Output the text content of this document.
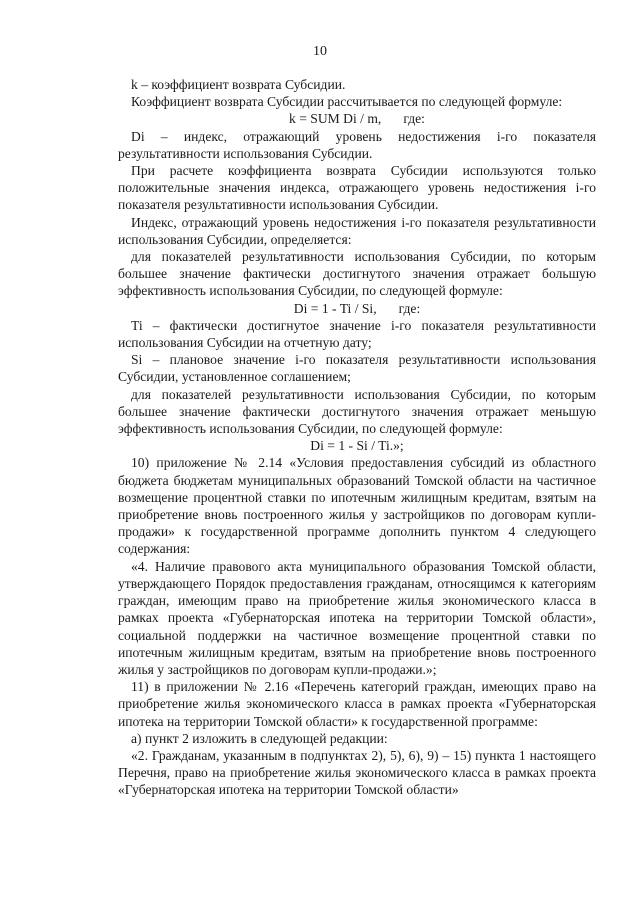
10

k – коэффициент возврата Субсидии.

Коэффициент возврата Субсидии рассчитывается по следующей формуле:

k = SUM Di / m, где:

Di – индекс, отражающий уровень недостижения i-го показателя результативности использования Субсидии.

При расчете коэффициента возврата Субсидии используются только положительные значения индекса, отражающего уровень недостижения i-го показателя результативности использования Субсидии.

Индекс, отражающий уровень недостижения i-го показателя результативности использования Субсидии, определяется:

для показателей результативности использования Субсидии, по которым большее значение фактически достигнутого значения отражает большую эффективность использования Субсидии, по следующей формуле:

Di = 1 - Ti / Si, где:

Ti – фактически достигнутое значение i-го показателя результативности использования Субсидии на отчетную дату;

Si – плановое значение i-го показателя результативности использования Субсидии, установленное соглашением;

для показателей результативности использования Субсидии, по которым большее значение фактически достигнутого значения отражает меньшую эффективность использования Субсидии, по следующей формуле:

Di = 1 - Si / Ti.»;

10) приложение № 2.14 «Условия предоставления субсидий из областного бюджета бюджетам муниципальных образований Томской области на частичное возмещение процентной ставки по ипотечным жилищным кредитам, взятым на приобретение вновь построенного жилья у застройщиков по договорам купли-продажи» к государственной программе дополнить пунктом 4 следующего содержания:

«4. Наличие правового акта муниципального образования Томской области, утверждающего Порядок предоставления гражданам, относящимся к категориям граждан, имеющим право на приобретение жилья экономического класса в рамках проекта «Губернаторская ипотека на территории Томской области», социальной поддержки на частичное возмещение процентной ставки по ипотечным жилищным кредитам, взятым на приобретение вновь построенного жилья у застройщиков по договорам купли-продажи.»;

11) в приложении № 2.16 «Перечень категорий граждан, имеющих право на приобретение жилья экономического класса в рамках проекта «Губернаторская ипотека на территории Томской области» к государственной программе:

а) пункт 2 изложить в следующей редакции:

«2. Гражданам, указанным в подпунктах 2), 5), 6), 9) – 15) пункта 1 настоящего Перечня, право на приобретение жилья экономического класса в рамках проекта «Губернаторская ипотека на территории Томской области»
